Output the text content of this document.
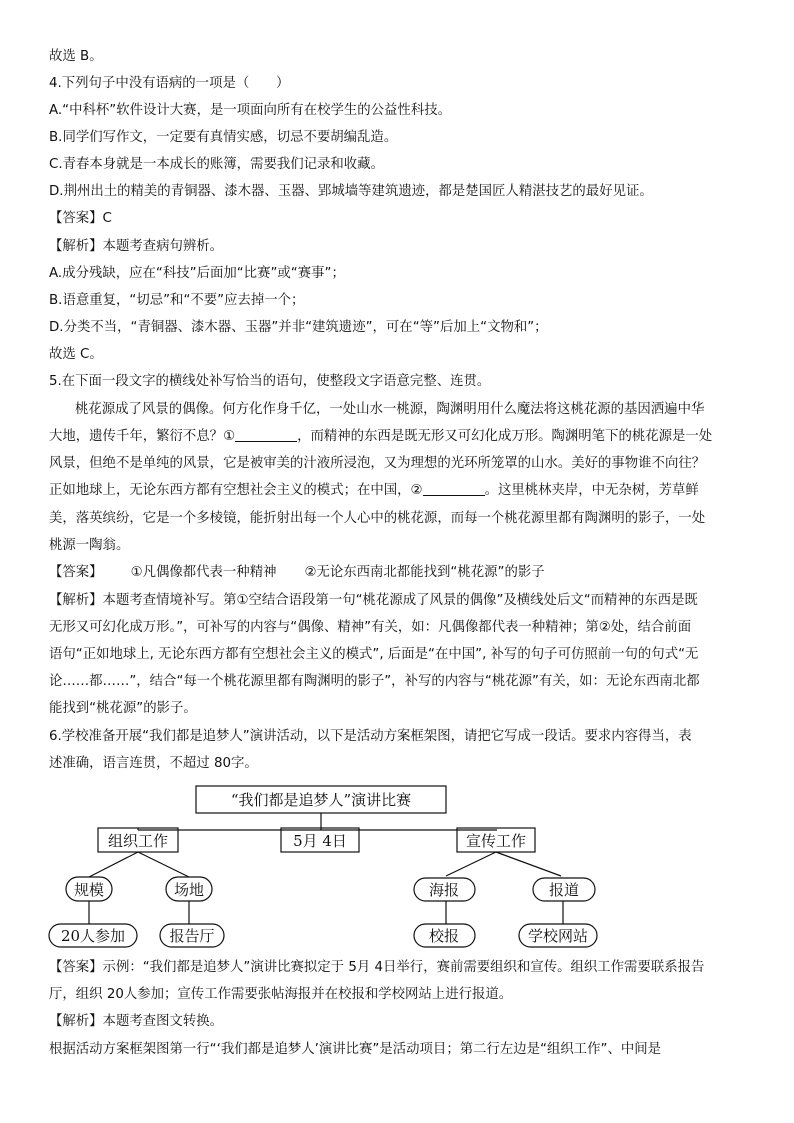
故选 B。
4.下列句子中没有语病的一项是（　　）
A.“中科杯”软件设计大赛，是一项面向所有在校学生的公益性科技。
B.同学们写作文，一定要有真情实感，切忌不要胡编乱造。
C.青春本身就是一本成长的账簿，需要我们记录和收藏。
D.荆州出土的精美的青铜器、漆木器、玉器、郢城墙等建筑遗迹，都是楚国匠人精湛技艺的最好见证。
【答案】C
【解析】本题考查病句辨析。
A.成分残缺，应在“科技”后面加“比赛”或“赛事”；
B.语意重复，“切忌”和“不要”应去掉一个；
D.分类不当，“青铜器、漆木器、玉器”并非“建筑遗迹”，可在“等”后加上“文物和”；
故选 C。
5.在下面一段文字的横线处补写恰当的语句，使整段文字语意完整、连贯。
桃花源成了风景的偶像。何方化作身千亿，一处山水一桃源，陶渊明用什么魔法将这桃花源的基因洒遍中华
大地，遗传千年，繁衍不息？①	，而精神的东西是既无形又可幻化成万形。陶渊明笔下的桃花源是一处
风景，但绝不是单纯的风景，它是被审美的汁液所浸泡，又为理想的光环所笼罩的山水。美好的事物谁不向往？
正如地球上，无论东西方都有空想社会主义的模式；在中国，②	。这里桃林夹岸，中无杂树，芳草鲜
美，落英缤纷，它是一个多棱镜，能折射出每一个人心中的桃花源，而每一个桃花源里都有陶渊明的影子，一处
桃源一陶翁。
【答案】 ①凡偶像都代表一种精神 ②无论东西南北都能找到“桃花源”的影子
【解析】本题考查情境补写。第①空结合语段第一句“桃花源成了风景的偶像”及横线处后文“而精神的东西是既
无形又可幻化成万形。”，可补写的内容与“偶像、精神”有关，如：凡偶像都代表一种精神；第②处，结合前面
语句“正如地球上, 无论东西方都有空想社会主义的模式”, 后面是“在中国”, 补写的句子可仿照前一句的句式“无
论……都……”，结合“每一个桃花源里都有陶渊明的影子”，补写的内容与“桃花源”有关，如：无论东西南北都
能找到“桃花源”的影子。
6.学校准备开展“我们都是追梦人”演讲活动，以下是活动方案框架图，请把它写成一段话。要求内容得当，表
述准确，语言连贯，不超过 80字。
“我们都是追梦人”演讲比赛
组织工作	5月 4日	宣传工作
规模	场地	海报	报道
20人参加	报告厅	校报	学校网站
【答案】示例：“我们都是追梦人”演讲比赛拟定于 5月 4日举行，赛前需要组织和宣传。组织工作需要联系报告
厅，组织 20人参加；宣传工作需要张帖海报并在校报和学校网站上进行报道。
【解析】本题考查图文转换。
根据活动方案框架图第一行“‘我们都是追梦人’演讲比赛”是活动项目；第二行左边是“组织工作”、中间是
